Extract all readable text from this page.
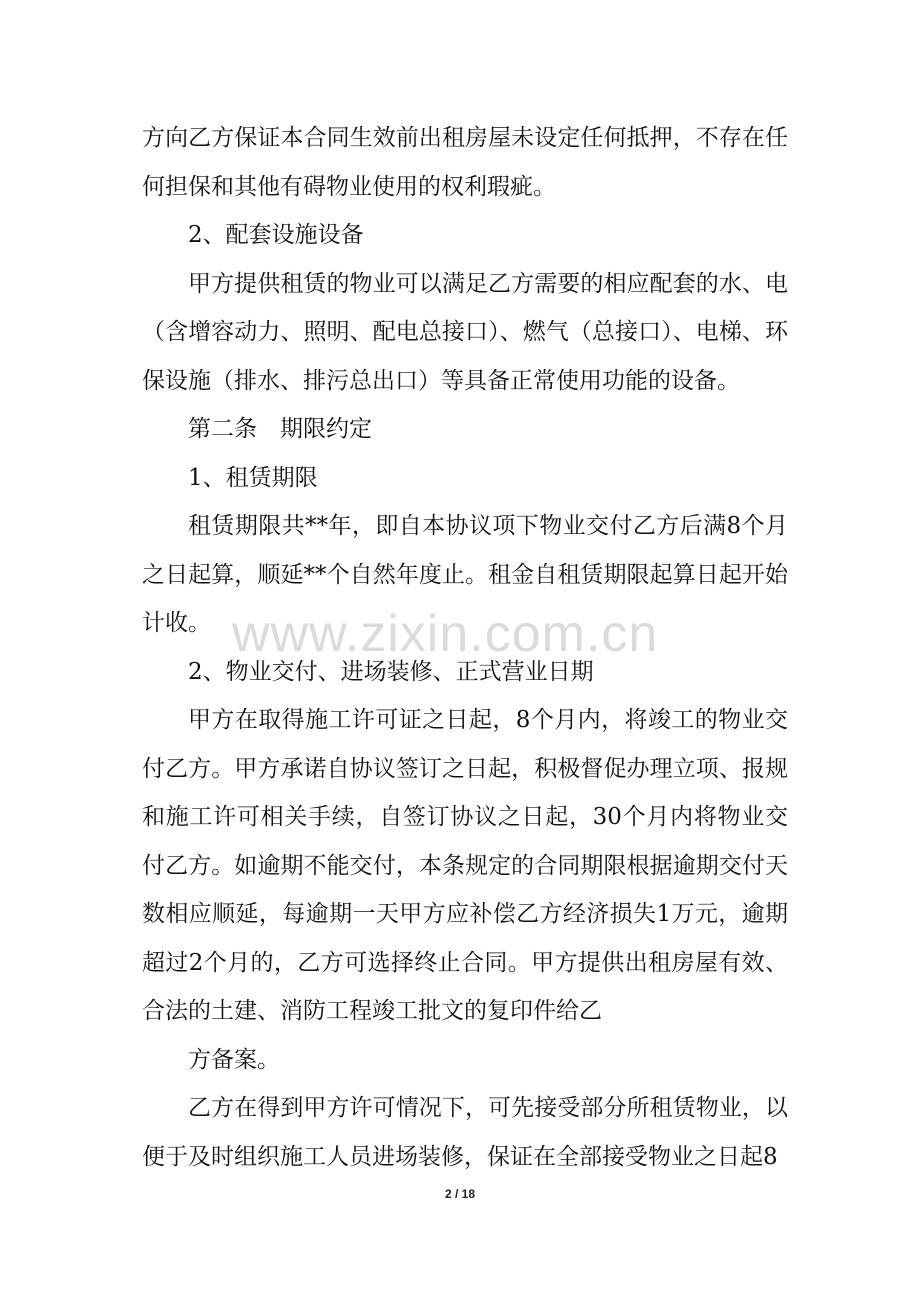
方向乙方保证本合同生效前出租房屋未设定任何抵押，不存在任何担保和其他有碍物业使用的权利瑕疵。

2、配套设施设备

甲方提供租赁的物业可以满足乙方需要的相应配套的水、电（含增容动力、照明、配电总接口）、燃气（总接口）、电梯、环保设施（排水、排污总出口）等具备正常使用功能的设备。

第二条　期限约定

1、租赁期限

租赁期限共**年，即自本协议项下物业交付乙方后满8个月之日起算，顺延**个自然年度止。租金自租赁期限起算日起开始计收。

2、物业交付、进场装修、正式营业日期

甲方在取得施工许可证之日起，8个月内，将竣工的物业交付乙方。甲方承诺自协议签订之日起，积极督促办理立项、报规和施工许可相关手续，自签订协议之日起，30个月内将物业交付乙方。如逾期不能交付，本条规定的合同期限根据逾期交付天数相应顺延，每逾期一天甲方应补偿乙方经济损失1万元，逾期超过2个月的，乙方可选择终止合同。甲方提供出租房屋有效、合法的土建、消防工程竣工批文的复印件给乙

方备案。

乙方在得到甲方许可情况下，可先接受部分所租赁物业，以便于及时组织施工人员进场装修，保证在全部接受物业之日起8

www.zixin.com.cn
2 / 18
